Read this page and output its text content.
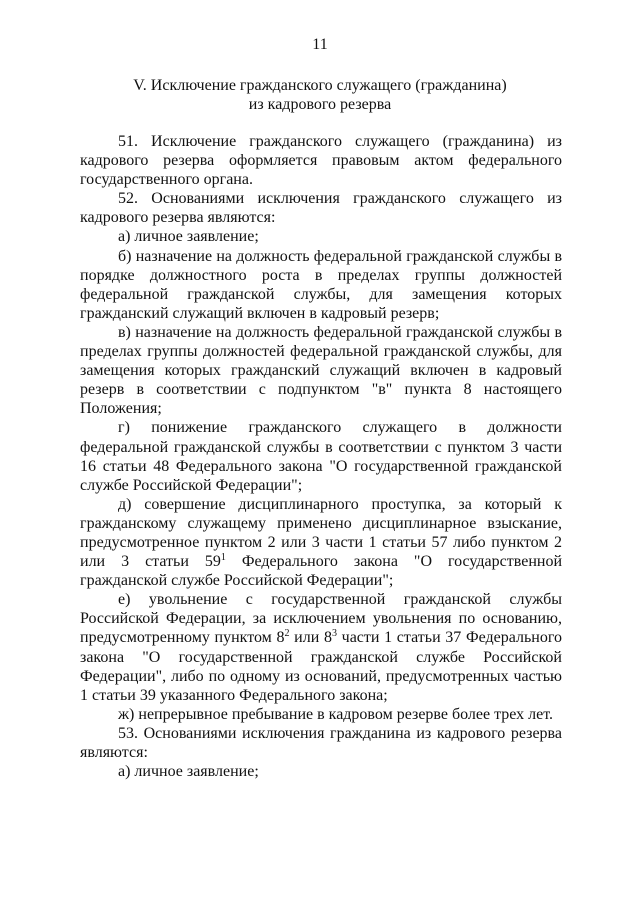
11
V. Исключение гражданского служащего (гражданина)
из кадрового резерва

51. Исключение гражданского служащего (гражданина) из кадрового резерва оформляется правовым актом федерального государственного органа.

52. Основаниями исключения гражданского служащего из кадрового резерва являются:

а) личное заявление;

б) назначение на должность федеральной гражданской службы в порядке должностного роста в пределах группы должностей федеральной гражданской службы, для замещения которых гражданский служащий включен в кадровый резерв;

в) назначение на должность федеральной гражданской службы в пределах группы должностей федеральной гражданской службы, для замещения которых гражданский служащий включен в кадровый резерв в соответствии с подпунктом "в" пункта 8 настоящего Положения;

г) понижение гражданского служащего в должности федеральной гражданской службы в соответствии с пунктом 3 части 16 статьи 48 Федерального закона "О государственной гражданской службе Российской Федерации";

д) совершение дисциплинарного проступка, за который к гражданскому служащему применено дисциплинарное взыскание, предусмотренное пунктом 2 или 3 части 1 статьи 57 либо пунктом 2 или 3 статьи $59^1$ Федерального закона "О государственной гражданской службе Российской Федерации";

е) увольнение с государственной гражданской службы Российской Федерации, за исключением увольнения по основанию, предусмотренному пунктом $8^2$ или $8^3$ части 1 статьи 37 Федерального закона "О государственной гражданской службе Российской Федерации", либо по одному из оснований, предусмотренных частью 1 статьи 39 указанного Федерального закона;

ж) непрерывное пребывание в кадровом резерве более трех лет.

53. Основаниями исключения гражданина из кадрового резерва являются:

а) личное заявление;
